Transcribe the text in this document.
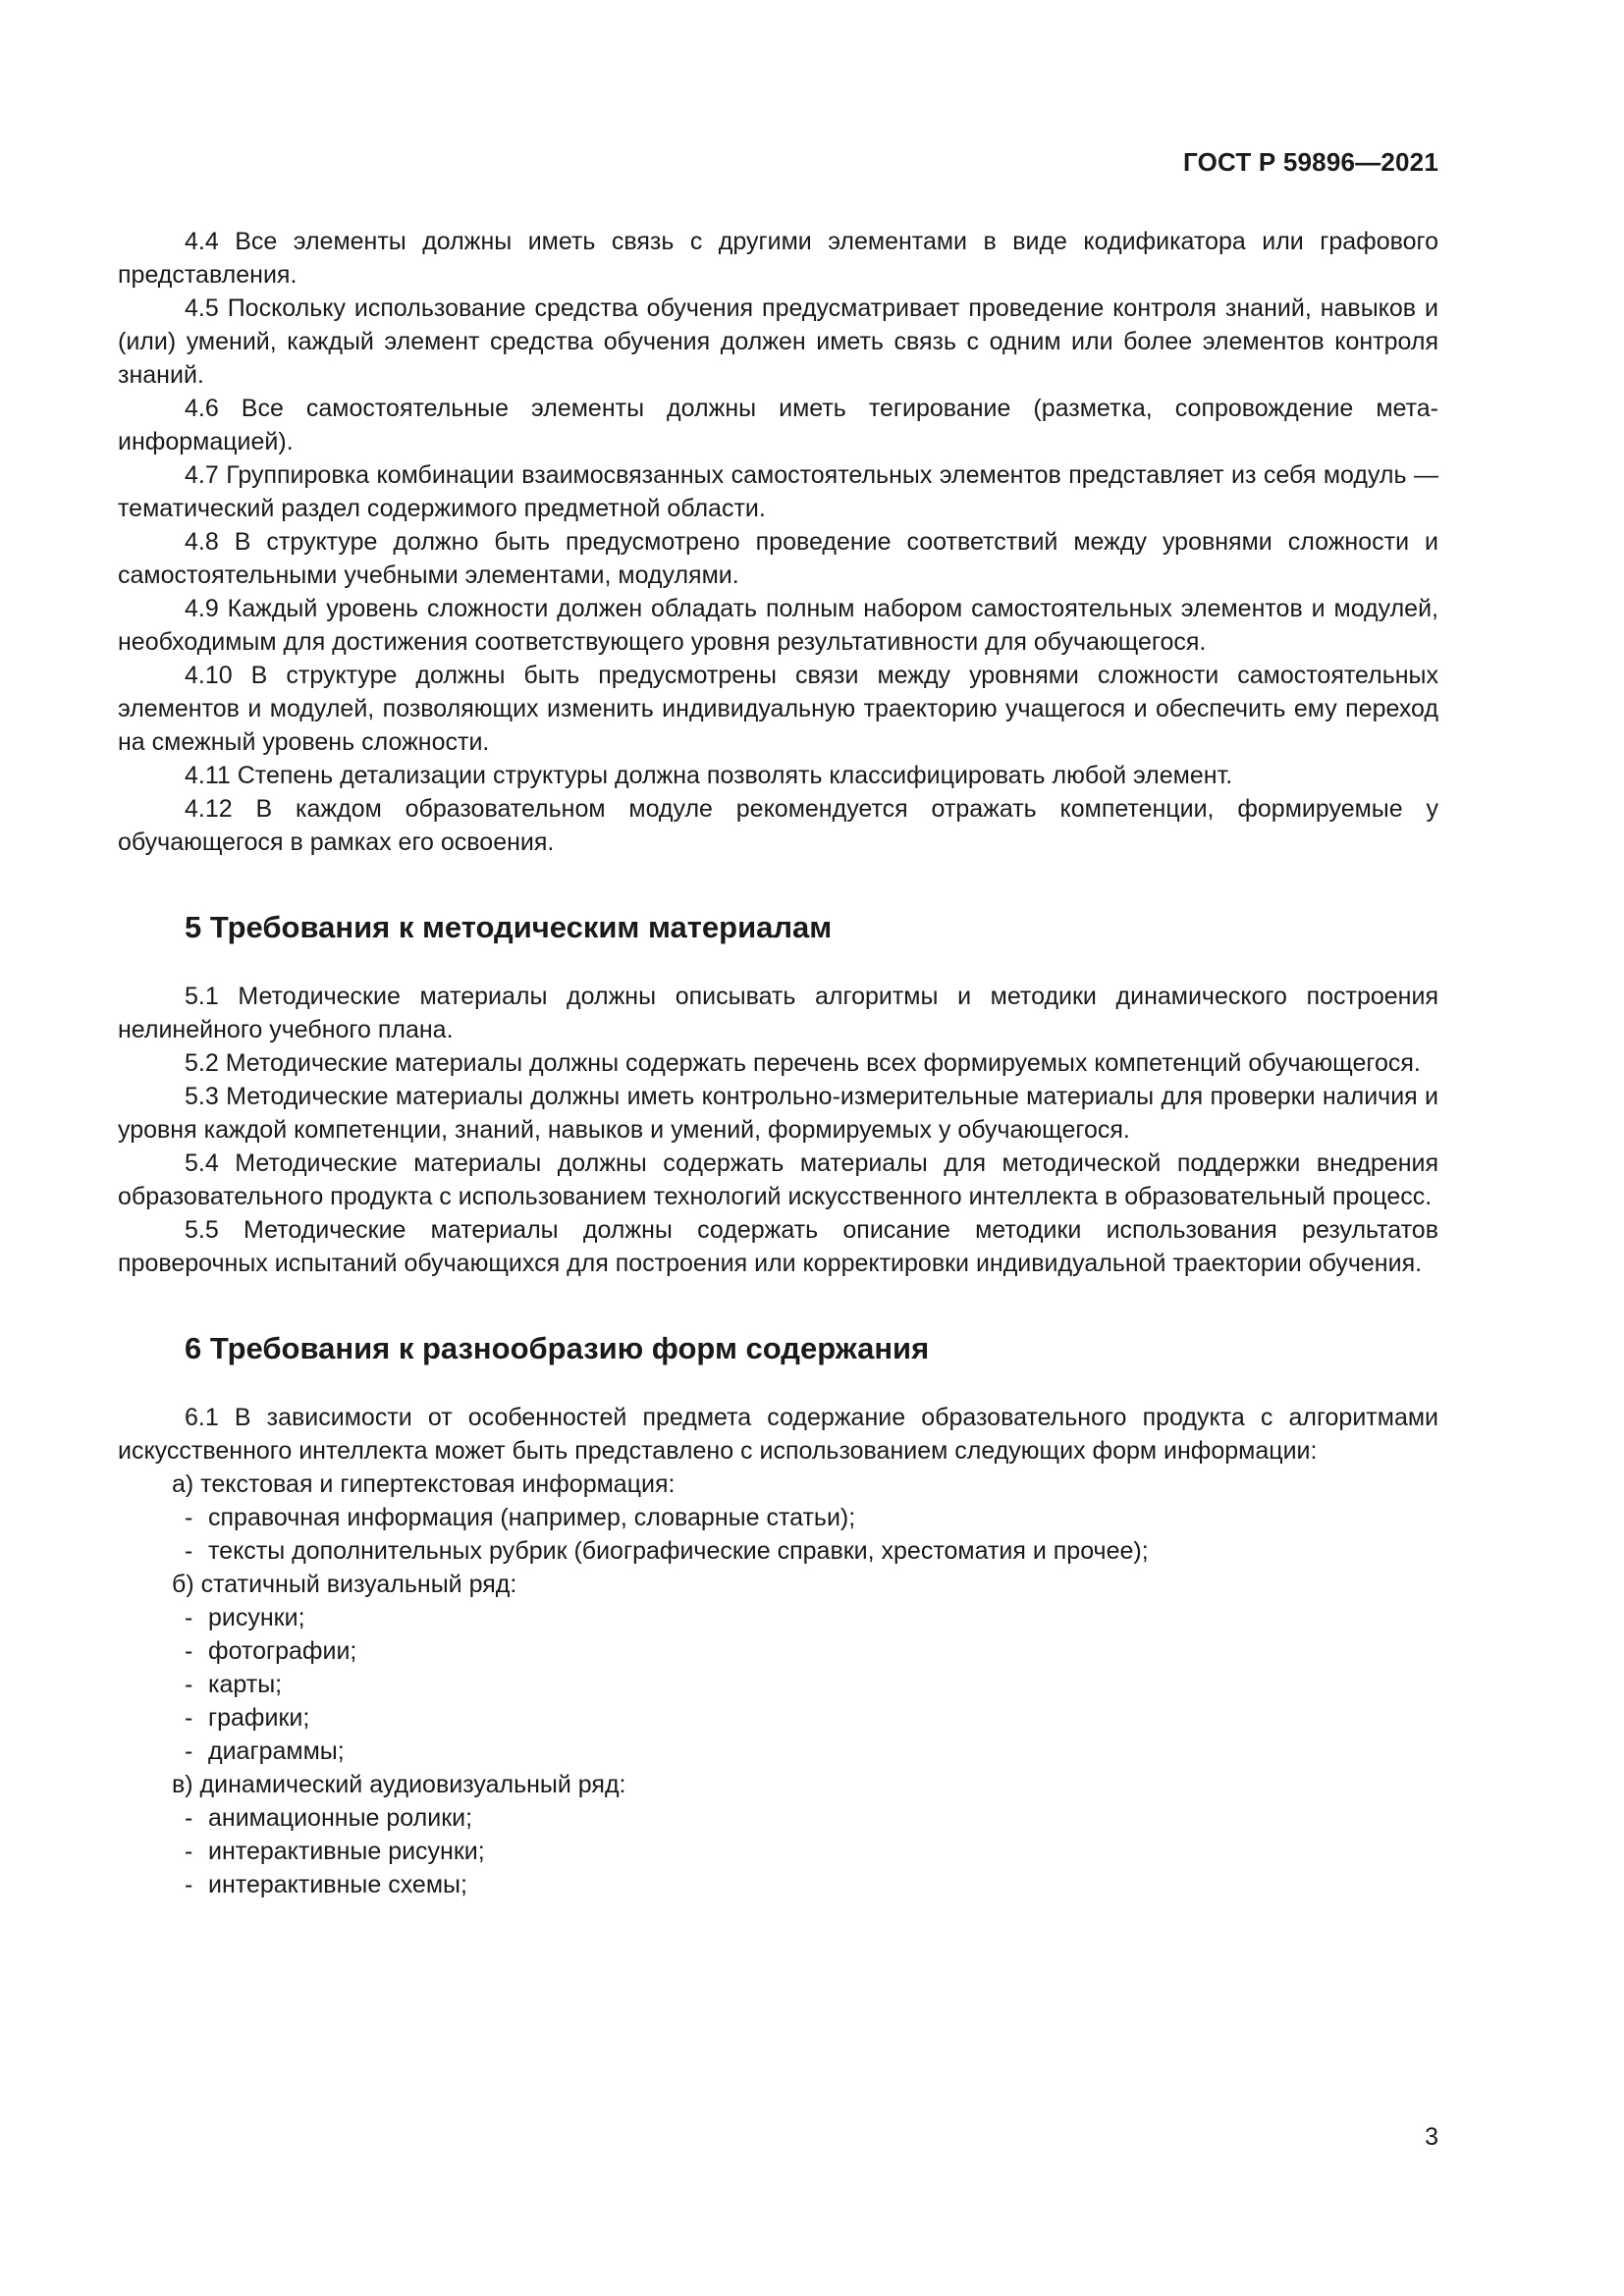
ГОСТ Р 59896—2021

4.4 Все элементы должны иметь связь с другими элементами в виде кодификатора или графового представления.

4.5 Поскольку использование средства обучения предусматривает проведение контроля знаний, навыков и (или) умений, каждый элемент средства обучения должен иметь связь с одним или более элементов контроля знаний.

4.6 Все самостоятельные элементы должны иметь тегирование (разметка, сопровождение мета-информацией).

4.7 Группировка комбинации взаимосвязанных самостоятельных элементов представляет из себя модуль — тематический раздел содержимого предметной области.

4.8 В структуре должно быть предусмотрено проведение соответствий между уровнями сложности и самостоятельными учебными элементами, модулями.

4.9 Каждый уровень сложности должен обладать полным набором самостоятельных элементов и модулей, необходимым для достижения соответствующего уровня результативности для обучающегося.

4.10 В структуре должны быть предусмотрены связи между уровнями сложности самостоятельных элементов и модулей, позволяющих изменить индивидуальную траекторию учащегося и обеспечить ему переход на смежный уровень сложности.

4.11 Степень детализации структуры должна позволять классифицировать любой элемент.

4.12 В каждом образовательном модуле рекомендуется отражать компетенции, формируемые у обучающегося в рамках его освоения.

5 Требования к методическим материалам

5.1 Методические материалы должны описывать алгоритмы и методики динамического построения нелинейного учебного плана.

5.2 Методические материалы должны содержать перечень всех формируемых компетенций обучающегося.

5.3 Методические материалы должны иметь контрольно-измерительные материалы для проверки наличия и уровня каждой компетенции, знаний, навыков и умений, формируемых у обучающегося.

5.4 Методические материалы должны содержать материалы для методической поддержки внедрения образовательного продукта с использованием технологий искусственного интеллекта в образовательный процесс.

5.5 Методические материалы должны содержать описание методики использования результатов проверочных испытаний обучающихся для построения или корректировки индивидуальной траектории обучения.

6 Требования к разнообразию форм содержания

6.1 В зависимости от особенностей предмета содержание образовательного продукта с алгоритмами искусственного интеллекта может быть представлено с использованием следующих форм информации:

а) текстовая и гипертекстовая информация:

- справочная информация (например, словарные статьи);

- тексты дополнительных рубрик (биографические справки, хрестоматия и прочее);

б) статичный визуальный ряд:

- рисунки;

- фотографии;

- карты;

- графики;

- диаграммы;

в) динамический аудиовизуальный ряд:

- анимационные ролики;

- интерактивные рисунки;

- интерактивные схемы;

3
